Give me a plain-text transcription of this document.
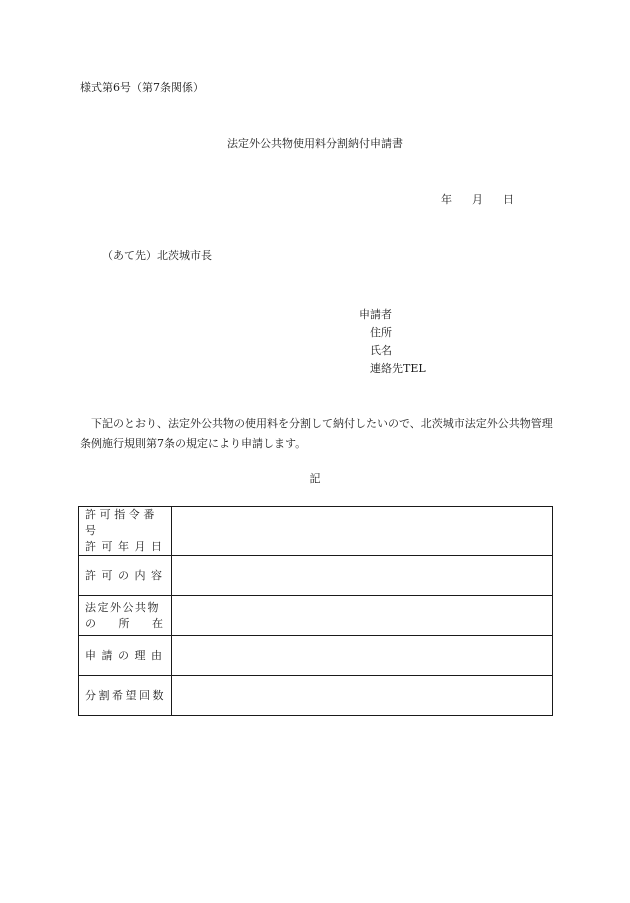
様式第6号（第7条関係）
法定外公共物使用料分割納付申請書
年 月 日
（あて先）北茨城市長
申請者
住所
氏名
連絡先TEL

下記のとおり、法定外公共物の使用料を分割して納付したいので、北茨城市法定外公共物管理条例施行規則第7条の規定により申請します。

記
許可指令番号
許可年月日	

許可の内容	

法定外公共物
の 所 在	

申請の理由	

分割希望回数	
